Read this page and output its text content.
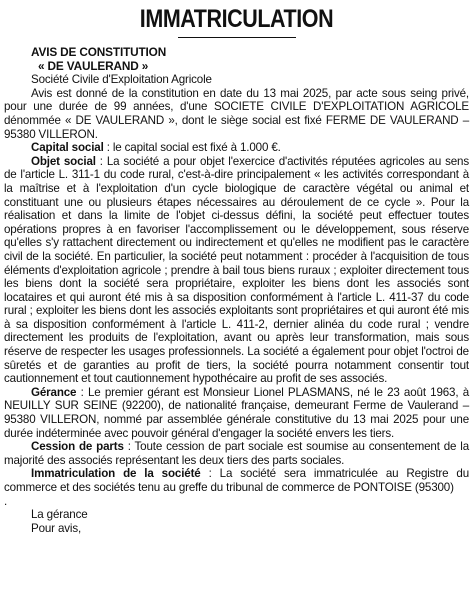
IMMATRICULATION

AVIS DE CONSTITUTION

« DE VAULERAND »

Société Civile d'Exploitation Agricole

Avis est donné de la constitution en date du 13 mai 2025, par acte sous seing privé, pour une durée de 99 années, d'une SOCIETE CIVILE D'EXPLOITATION AGRICOLE dénommée « DE VAULERAND », dont le siège social est fixé FERME DE VAULERAND – 95380 VILLERON.

Capital social : le capital social est fixé à 1.000 €.

Objet social : La société a pour objet l'exercice d'activités réputées agricoles au sens de l'article L. 311-1 du code rural, c'est-à-dire principalement « les activités correspondant à la maîtrise et à l'exploitation d'un cycle biologique de caractère végétal ou animal et constituant une ou plusieurs étapes nécessaires au déroulement de ce cycle ». Pour la réalisation et dans la limite de l'objet ci-dessus défini, la société peut effectuer toutes opérations propres à en favoriser l'accomplissement ou le développement, sous réserve qu'elles s'y rattachent directement ou indirectement et qu'elles ne modifient pas le caractère civil de la société. En particulier, la société peut notamment : procéder à l'acquisition de tous éléments d'exploitation agricole ; prendre à bail tous biens ruraux ; exploiter directement tous les biens dont la société sera propriétaire, exploiter les biens dont les associés sont locataires et qui auront été mis à sa disposition conformément à l'article L. 411-37 du code rural ; exploiter les biens dont les associés exploitants sont propriétaires et qui auront été mis à sa disposition conformément à l'article L. 411-2, dernier alinéa du code rural ; vendre directement les produits de l'exploitation, avant ou après leur transformation, mais sous réserve de respecter les usages professionnels. La société a également pour objet l'octroi de sûretés et de garanties au profit de tiers, la société pourra notamment consentir tout cautionnement et tout cautionnement hypothécaire au profit de ses associés.

Gérance : Le premier gérant est Monsieur Lionel PLASMANS, né le 23 août 1963, à NEUILLY SUR SEINE (92200), de nationalité française, demeurant Ferme de Vaulerand – 95380 VILLERON, nommé par assemblée générale constitutive du 13 mai 2025 pour une durée indéterminée avec pouvoir général d'engager la société envers les tiers.

Cession de parts : Toute cession de part sociale est soumise au consentement de la majorité des associés représentant les deux tiers des parts sociales.

Immatriculation de la société : La société sera immatriculée au Registre du commerce et des sociétés tenu au greffe du tribunal de commerce de PONTOISE (95300)

.

La gérance

Pour avis,
